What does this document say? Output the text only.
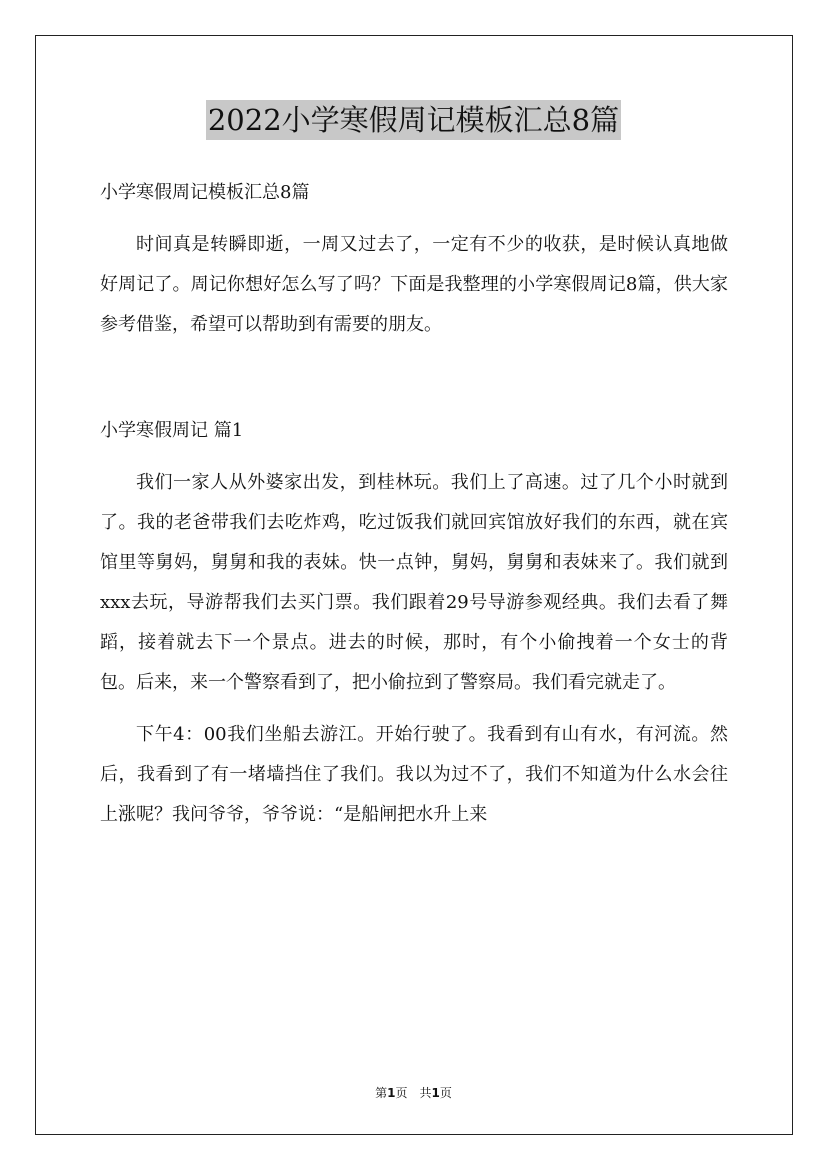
2022小学寒假周记模板汇总8篇

小学寒假周记模板汇总8篇

时间真是转瞬即逝，一周又过去了，一定有不少的收获，是时候认真地做好周记了。周记你想好怎么写了吗？下面是我整理的小学寒假周记8篇，供大家参考借鉴，希望可以帮助到有需要的朋友。

小学寒假周记 篇1

我们一家人从外婆家出发，到桂林玩。我们上了高速。过了几个小时就到了。我的老爸带我们去吃炸鸡，吃过饭我们就回宾馆放好我们的东西，就在宾馆里等舅妈，舅舅和我的表妹。快一点钟，舅妈，舅舅和表妹来了。我们就到xxx去玩，导游帮我们去买门票。我们跟着29号导游参观经典。我们去看了舞蹈，接着就去下一个景点。进去的时候，那时，有个小偷拽着一个女士的背包。后来，来一个警察看到了，把小偷拉到了警察局。我们看完就走了。

下午4：00我们坐船去游江。开始行驶了。我看到有山有水，有河流。然后，我看到了有一堵墙挡住了我们。我以为过不了，我们不知道为什么水会往上涨呢？我问爷爷，爷爷说：“是船闸把水升上来

第1页 共1页
